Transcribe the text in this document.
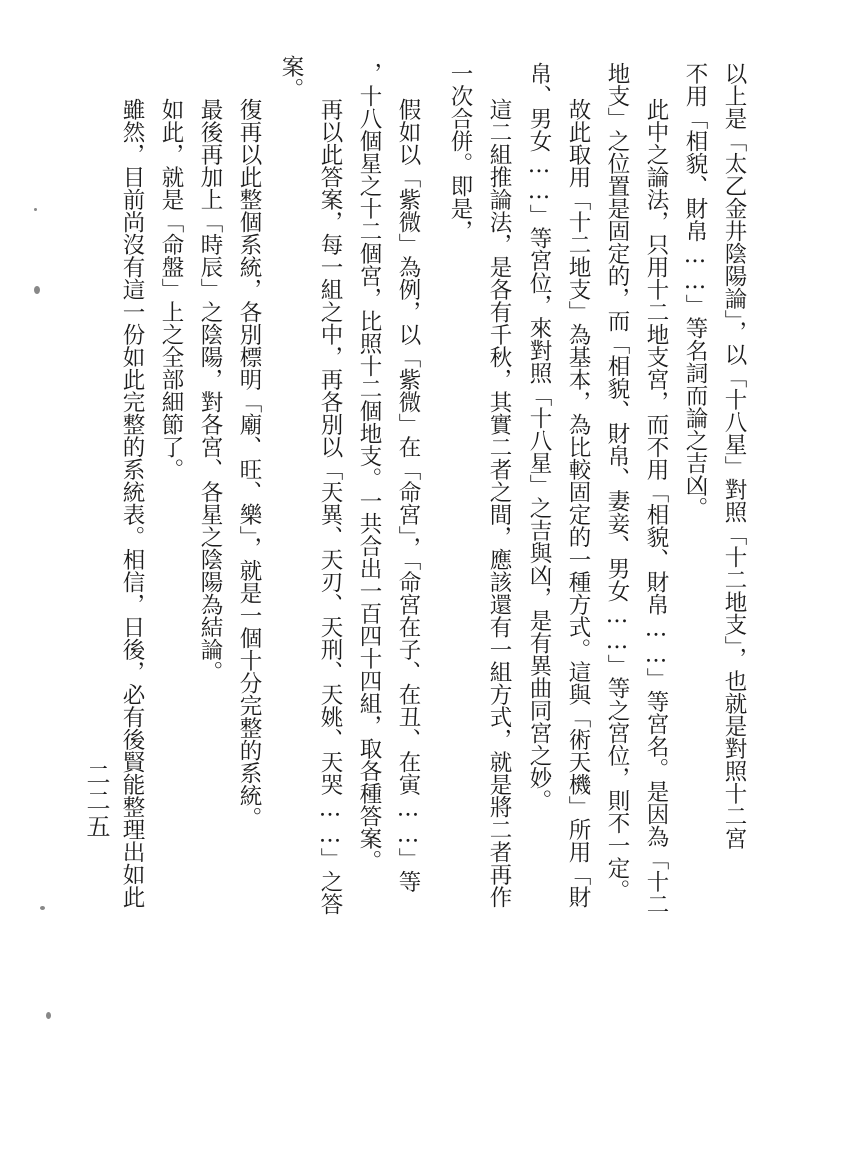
以上是「太乙金井陰陽論」，以「十八星」對照「十二地支」，也就是對照十二宮
不用「相貌、財帛……」等名詞而論之吉凶。
此中之論法，只用十二地支宮，而不用「相貌、財帛……」等宮名。是因為「十二
地支」之位置是固定的，而「相貌、財帛、妻妾、男女……」等之宮位，則不一定。
故此取用「十二地支」為基本，為比較固定的一種方式。這與「術天機」所用「財
帛、男女……」等宮位，來對照「十八星」之吉與凶，是有異曲同宮之妙。
這二組推論法，是各有千秋，其實二者之間，應該還有一組方式，就是將二者再作
一次合併。即是，
假如以「紫微」為例，以「紫微」在「命宮」，「命宮在子、在丑、在寅……」等
，十八個星之十二個宮，比照十二個地支。一共合出一百四十四組，取各種答案。
再以此答案，每一組之中，再各別以「天異、天刃、天刑、天姚、天哭……」之答
案。
復再以此整個系統，各別標明「廟、旺、樂」，就是一個十分完整的系統。
最後再加上「時辰」之陰陽，對各宮、各星之陰陽為結論。
如此，就是「命盤」上之全部細節了。
雖然，目前尚沒有這一份如此完整的系統表。相信，日後，必有後賢能整理出如此
二二五
